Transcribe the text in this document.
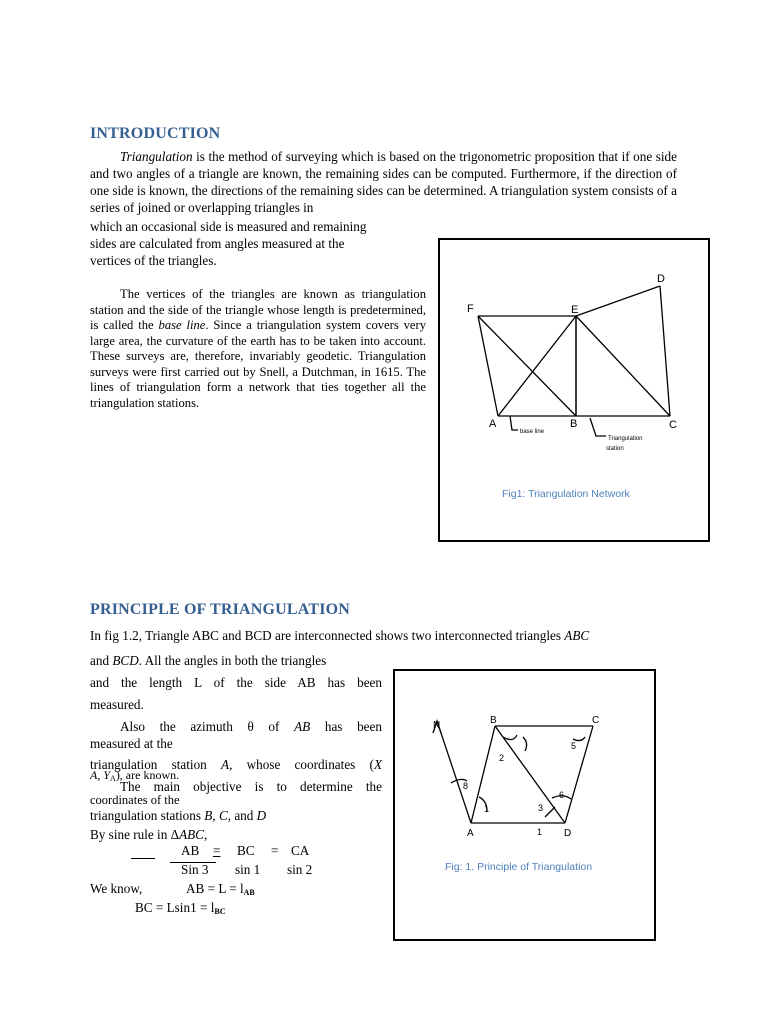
INTRODUCTION

Triangulation is the method of surveying which is based on the trigonometric proposition that if one side and two angles of a triangle are known, the remaining sides can be computed. Furthermore, if the direction of one side is known, the directions of the remaining sides can be determined. A triangulation system consists of a series of joined or overlapping triangles in

which an occasional side is measured and remaining

sides are calculated from angles measured at the

vertices of the triangles.

The vertices of the triangles are known as triangulation station and the side of the triangle whose length is predetermined, is called the base line. Since a triangulation system covers very large area, the curvature of the earth has to be taken into account. These surveys are, therefore, invariably geodetic. Triangulation surveys were first carried out by Snell, a Dutchman, in 1615. The lines of triangulation form a network that ties together all the triangulation stations.

F	E
D
A	B	C
base line
Triangulation
station
Fig1: Triangulation Network
PRINCIPLE OF TRIANGULATION
In fig 1.2, Triangle ABC and BCD are interconnected shows two interconnected triangles ABC

and BCD. All the angles in both the triangles

and the length L of the side AB has been

measured.

Also the azimuth θ of AB has been

measured at the
triangulation station A, whose coordinates (X
A, $Y_A$), are known.

The main objective is to determine the

coordinates of the
triangulation stations B, C, and D
By sine rule in ΔABC,
AB = BC = CA
Sin 3 sin 1 sin 2
We know,	AB = $L = l_{AB}$
BC = $Lsin1 = l_{BC}$
N
A
B	C
D
8
1
2
3
5
6
1
Fig: 1. Principle of Triangulation
